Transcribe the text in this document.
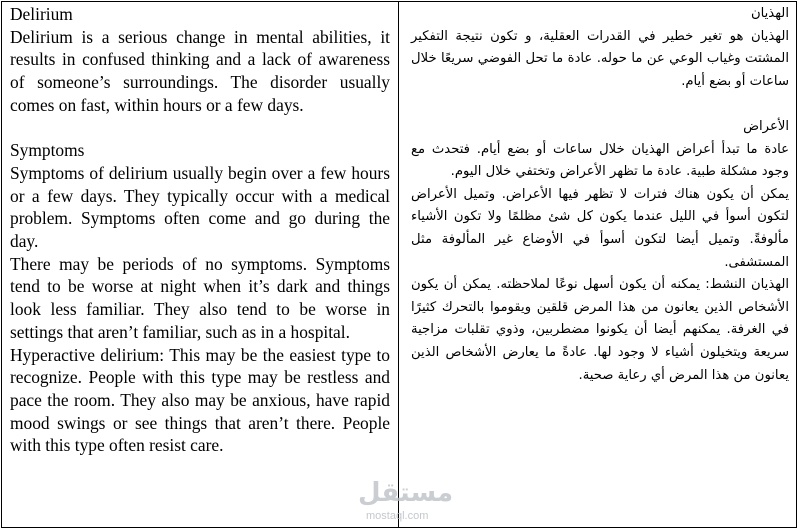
Delirium

Delirium is a serious change in mental abilities, it results in confused thinking and a lack of awareness of someone’s surroundings. The disorder usually comes on fast, within hours or a few days.

Symptoms

Symptoms of delirium usually begin over a few hours or a few days. They typically occur with a medical problem. Symptoms often come and go during the day.

There may be periods of no symptoms. Symptoms tend to be worse at night when it’s dark and things look less familiar. They also tend to be worse in settings that aren’t familiar, such as in a hospital.

Hyperactive delirium: This may be the easiest type to recognize. People with this type may be restless and pace the room. They also may be anxious, have rapid mood swings or see things that aren’t there. People with this type often resist care.

الهذيان

الهذيان هو تغير خطير في القدرات العقلية، و تكون نتيجة التفكير المشتت وغياب الوعي عن ما حوله. عادة ما تحل الفوضي سريعًا خلال ساعات أو بضع أيام.

الأعراض

عادة ما تبدأ أعراض الهذيان خلال ساعات أو بضع أيام. فتحدث مع وجود مشكلة طبية. عادة ما تظهر الأعراض وتختفي خلال اليوم.

يمكن أن يكون هناك فترات لا تظهر فيها الأعراض. وتميل الأعراض لتكون أسوأ في الليل عندما يكون كل شئ مظلمًا ولا تكون الأشياء مألوفةً. وتميل أيضا لتكون أسوأ في الأوضاع غير المألوفة مثل المستشفى.

الهذيان النشط: يمكنه أن يكون أسهل نوعًا لملاحظته. يمكن أن يكون الأشخاص الذين يعانون من هذا المرض قلقين ويقوموا بالتحرك كثيرًا في الغرفة. يمكنهم أيضا أن يكونوا مضطربين، وذوي تقلبات مزاجية سريعة ويتخيلون أشياء لا وجود لها. عادةً ما يعارض الأشخاص الذين يعانون من هذا المرض أي رعاية صحية.

مستقل
mostaql.com
